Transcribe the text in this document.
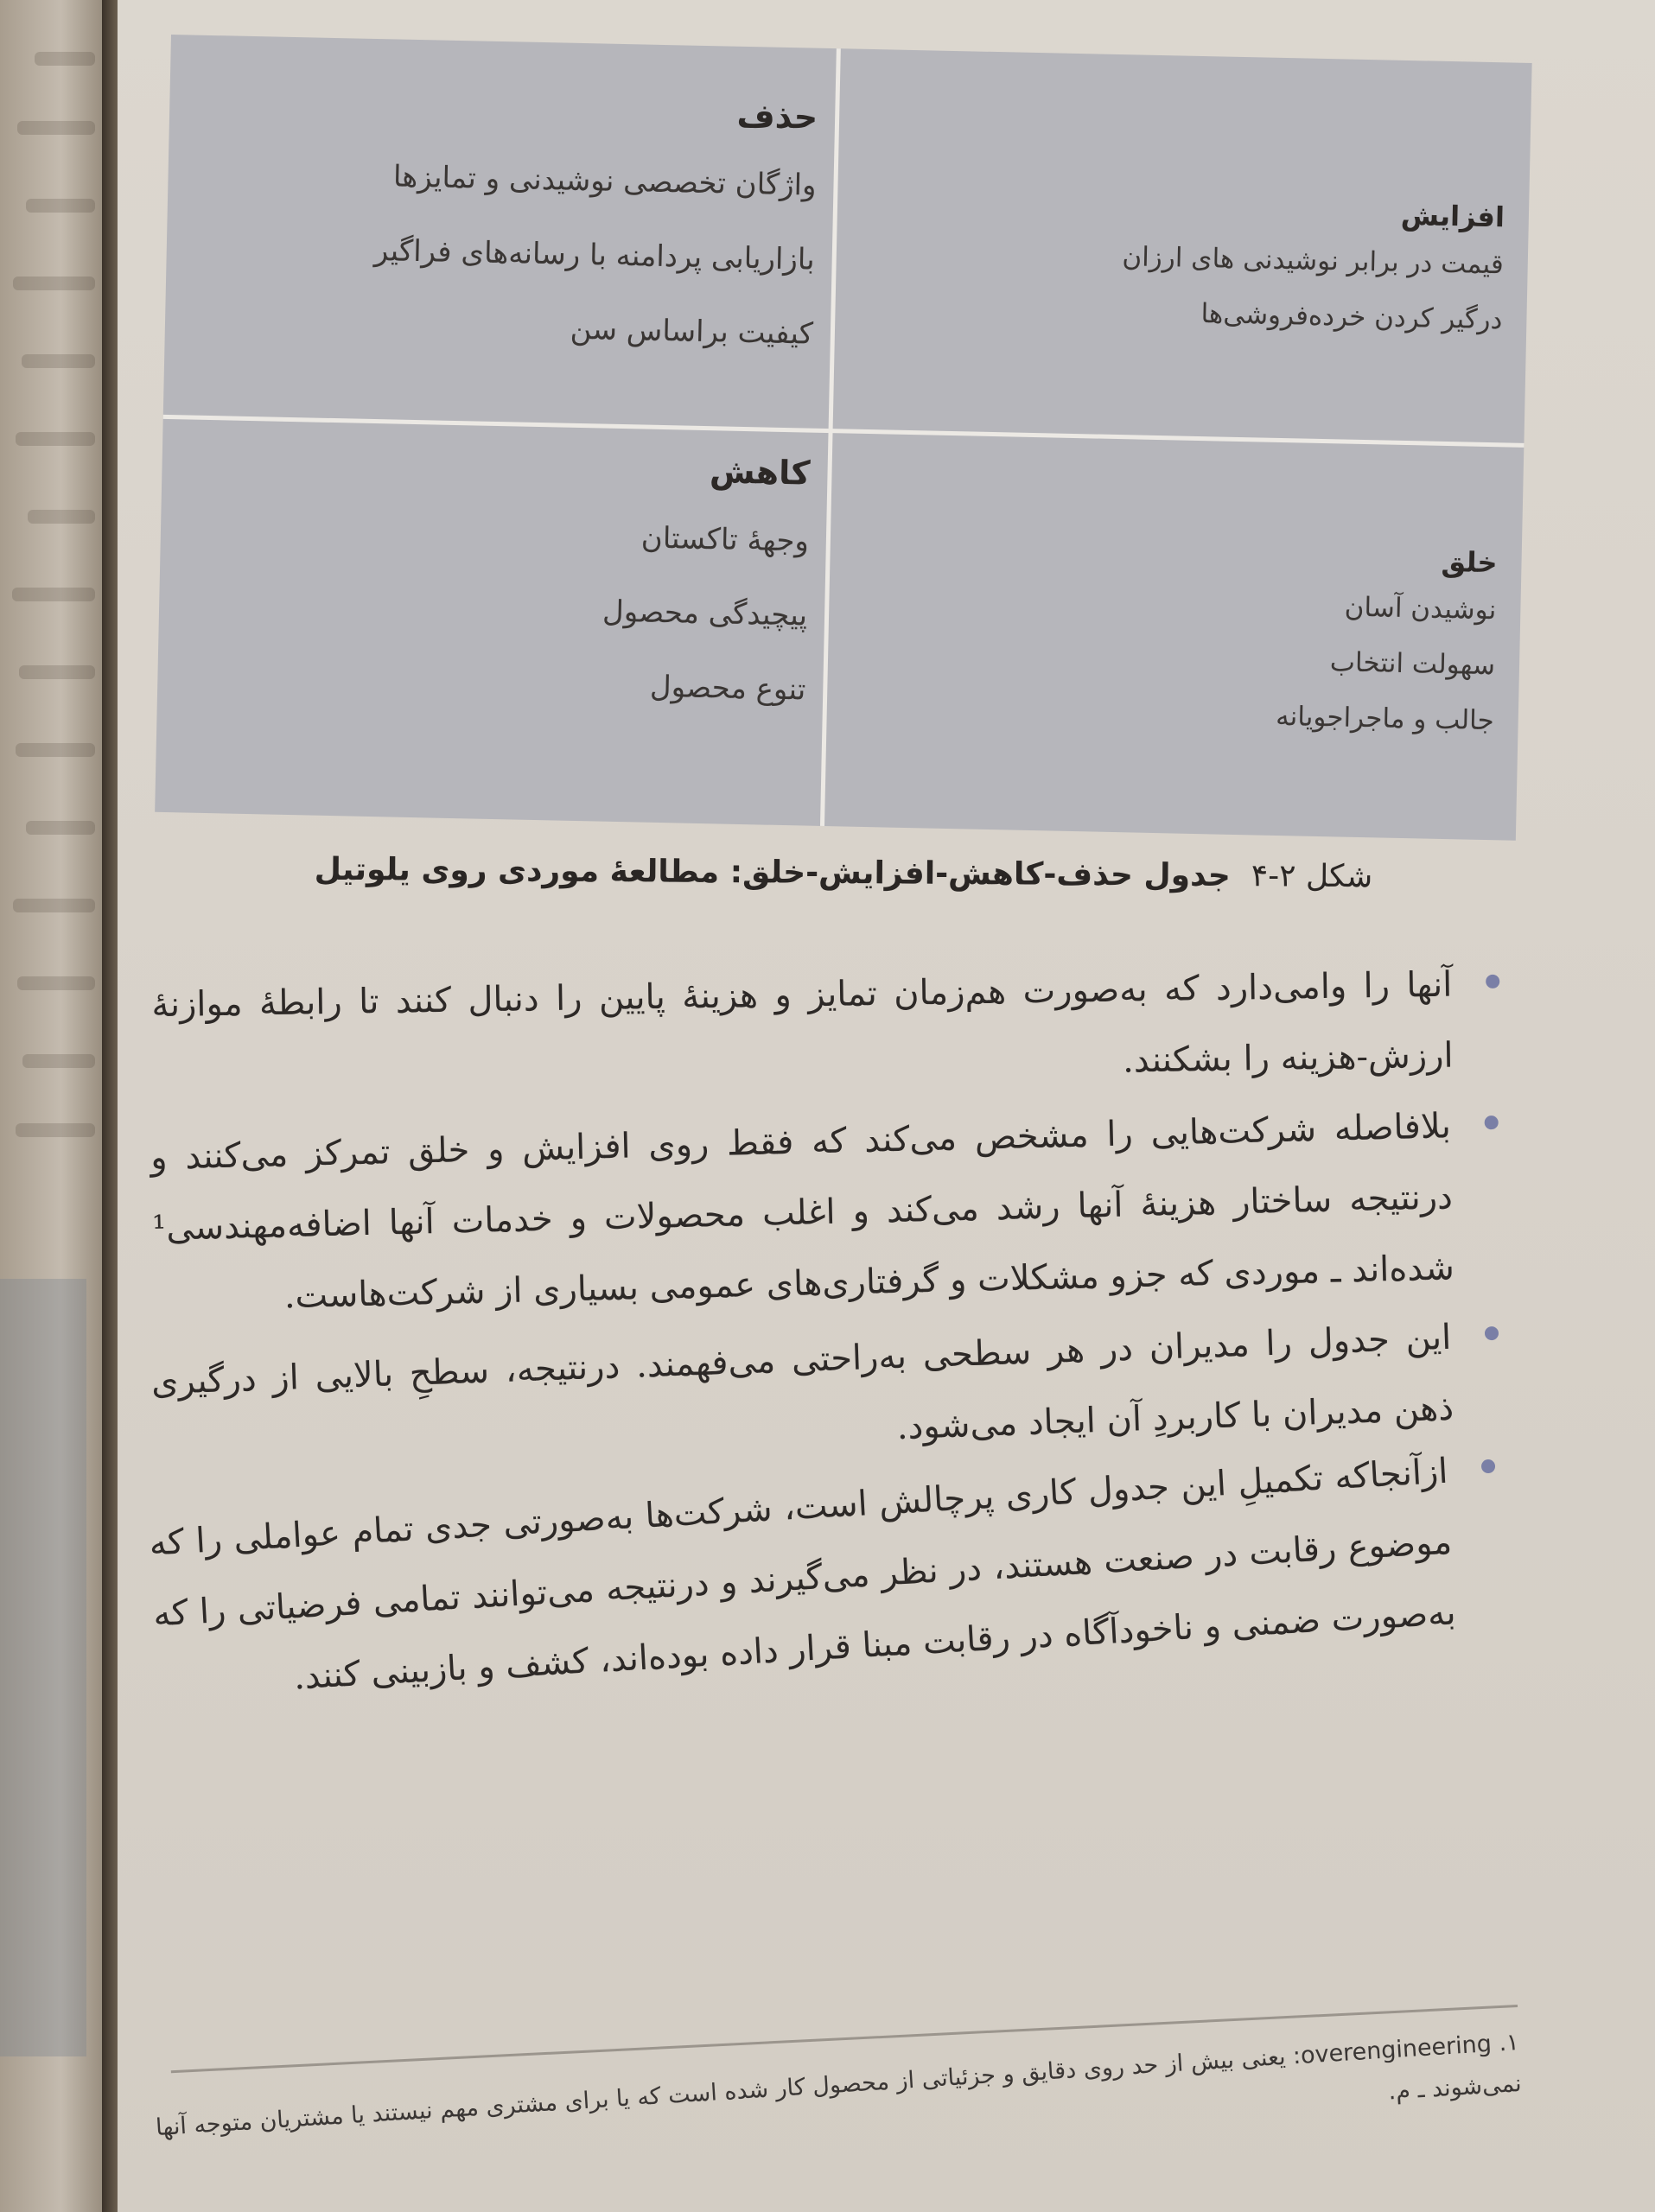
حذف
واژگان تخصصی نوشیدنی و تمایزها
بازاریابی پردامنه با رسانه‌های فراگیر
کیفیت براساس سن
افزایش
قیمت در برابر نوشیدنی های ارزان
درگیر کردن خرده‌فروشی‌ها
کاهش
وجههٔ تاکستان
پیچیدگی محصول
تنوع محصول
خلق
نوشیدن آسان
سهولت انتخاب
جالب و ماجراجویانه
شکل ۲-۴جدول حذف-کاهش-افزایش-خلق: مطالعهٔ موردی روی یلوتیل

آنها را وامی‌دارد که به‌صورت هم‌زمان تمایز و هزینهٔ پایین را دنبال کنند تا رابطهٔ موازنهٔ ارزش-هزینه را بشکنند.

بلافاصله شرکت‌هایی را مشخص می‌کند که فقط روی افزایش و خلق تمرکز می‌کنند و درنتیجه ساختار هزینهٔ آنها رشد می‌کند و اغلب محصولات و خدمات آنها اضافه‌مهندسی¹ شده‌اند ـ موردی که جزو مشکلات و گرفتاری‌های عمومی بسیاری از شرکت‌هاست.

این جدول را مدیران در هر سطحی به‌راحتی می‌فهمند. درنتیجه، سطحِ بالایی از درگیری ذهن مدیران با کاربردِ آن ایجاد می‌شود.

ازآنجاکه تکمیلِ این جدول کاری پرچالش است، شرکت‌ها به‌صورتی جدی تمام عواملی را که موضوع رقابت در صنعت هستند، در نظر می‌گیرند و درنتیجه می‌توانند تمامی فرضیاتی را که به‌صورت ضمنی و ناخودآگاه در رقابت مبنا قرار داده بوده‌اند، کشف و بازبینی کنند.

۱. overengineering: یعنی بیش از حد روی دقایق و جزئیاتی از محصول کار شده است که یا برای مشتری مهم نیستند یا مشتریان متوجه آنها نمی‌شوند ـ م.
